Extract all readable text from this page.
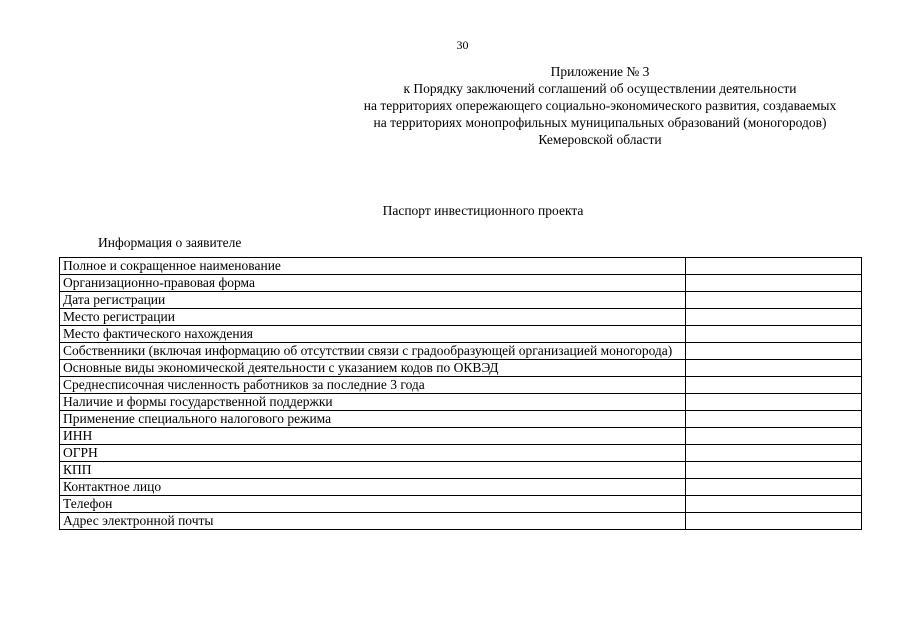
30
Приложение № 3
к Порядку заключений соглашений об осуществлении деятельности
на территориях опережающего социально-экономического развития, создаваемых
на территориях монопрофильных муниципальных образований (моногородов)
Кемеровской области
Паспорт инвестиционного проекта
Информация о заявителе
Полное и сокращенное наименование	
Организационно-правовая форма	
Дата регистрации	
Место регистрации	
Место фактического нахождения	
Собственники (включая информацию об отсутствии связи с градообразующей организацией моногорода)	
Основные виды экономической деятельности с указанием кодов по ОКВЭД	
Среднесписочная численность работников за последние 3 года	
Наличие и формы государственной поддержки	
Применение специального налогового режима	
ИНН	
ОГРН	
КПП	
Контактное лицо	
Телефон	
Адрес электронной почты	
